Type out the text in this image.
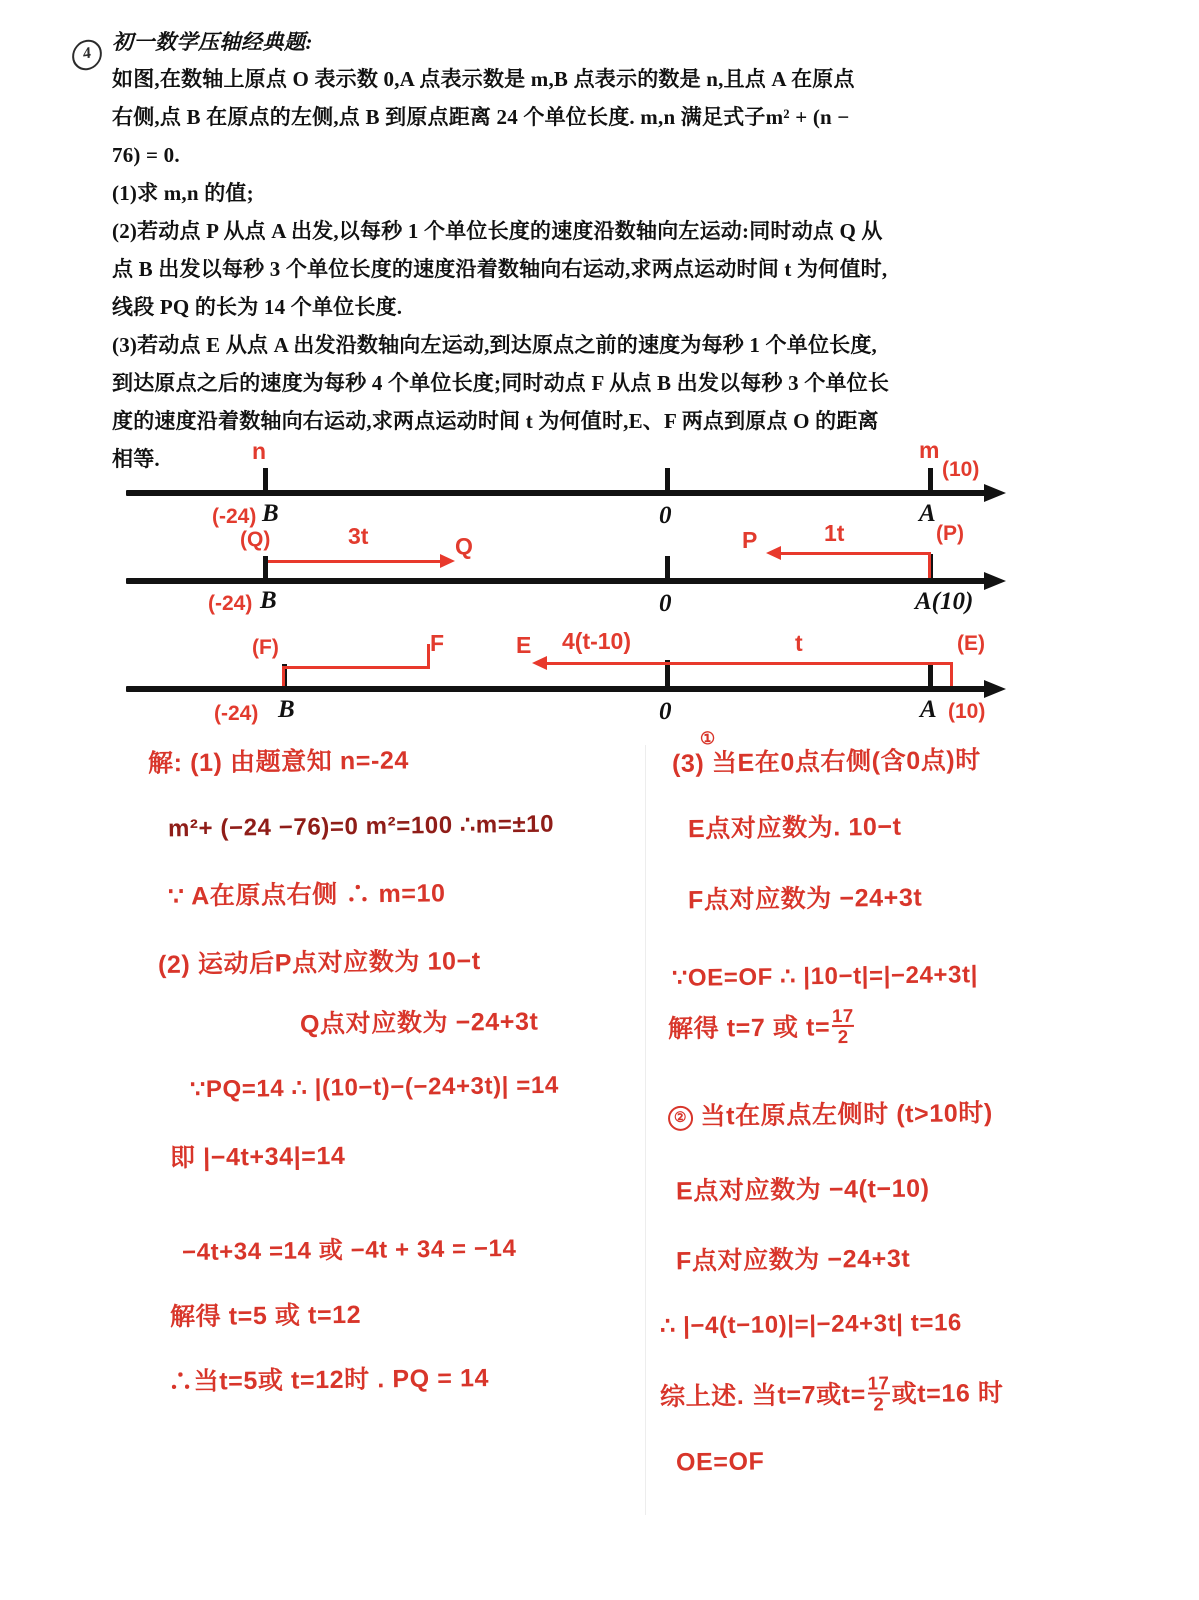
4 初一数学压轴经典题:
如图,在数轴上原点 O 表示数 0,A 点表示数是 m,B 点表示的数是 n,且点 A 在原点
右侧,点 B 在原点的左侧,点 B 到原点距离 24 个单位长度. m,n 满足式子m² + (n −
76) = 0.
(1)求 m,n 的值;
(2)若动点 P 从点 A 出发,以每秒 1 个单位长度的速度沿数轴向左运动:同时动点 Q 从
点 B 出发以每秒 3 个单位长度的速度沿着数轴向右运动,求两点运动时间 t 为何值时,
线段 PQ 的长为 14 个单位长度.
(3)若动点 E 从点 A 出发沿数轴向左运动,到达原点之前的速度为每秒 1 个单位长度,
到达原点之后的速度为每秒 4 个单位长度;同时动点 F 从点 B 出发以每秒 3 个单位长
度的速度沿着数轴向右运动,求两点运动时间 t 为何值时,E、F 两点到原点 O 的距离
相等.	n	m
(10)
(-24) B	0	A
(Q)	3t	Q	P	1t	(P)
(-24) B	0	A(10)
(F)	F	t	(E)
E 4(t-10)
(-24) B	0	A (10)
解: (1) 由题意知 n=-24
m²+ (−24 −76)=0 m²=100 ∴m=±10
∵ A在原点右侧 ∴ m=10
(2) 运动后P点对应数为 10−t
Q点对应数为 −24+3t
∵PQ=14 ∴ |(10−t)−(−24+3t)| =14
即 |−4t+34|=14
−4t+34 =14 或 −4t + 34 = −14
解得 t=5 或 t=12
∴当t=5或 t=12时 . PQ = 14
(3) 当E在0点右侧(含0点)时
①
E点对应数为. 10−t
F点对应数为 −24+3t
∵OE=OF ∴ |10−t|=|−24+3t|
解得 t=7 或 $t= \frac{17}{2}$
② 当t在原点左侧时 (t>10时)
E点对应数为 −4(t−10)
F点对应数为 −24+3t
∴ |−4(t−10)|=|−24+3t| t=16
综上述. 当t=7或$t= \frac{17}{2}$ 或t=16 时
OE=OF
